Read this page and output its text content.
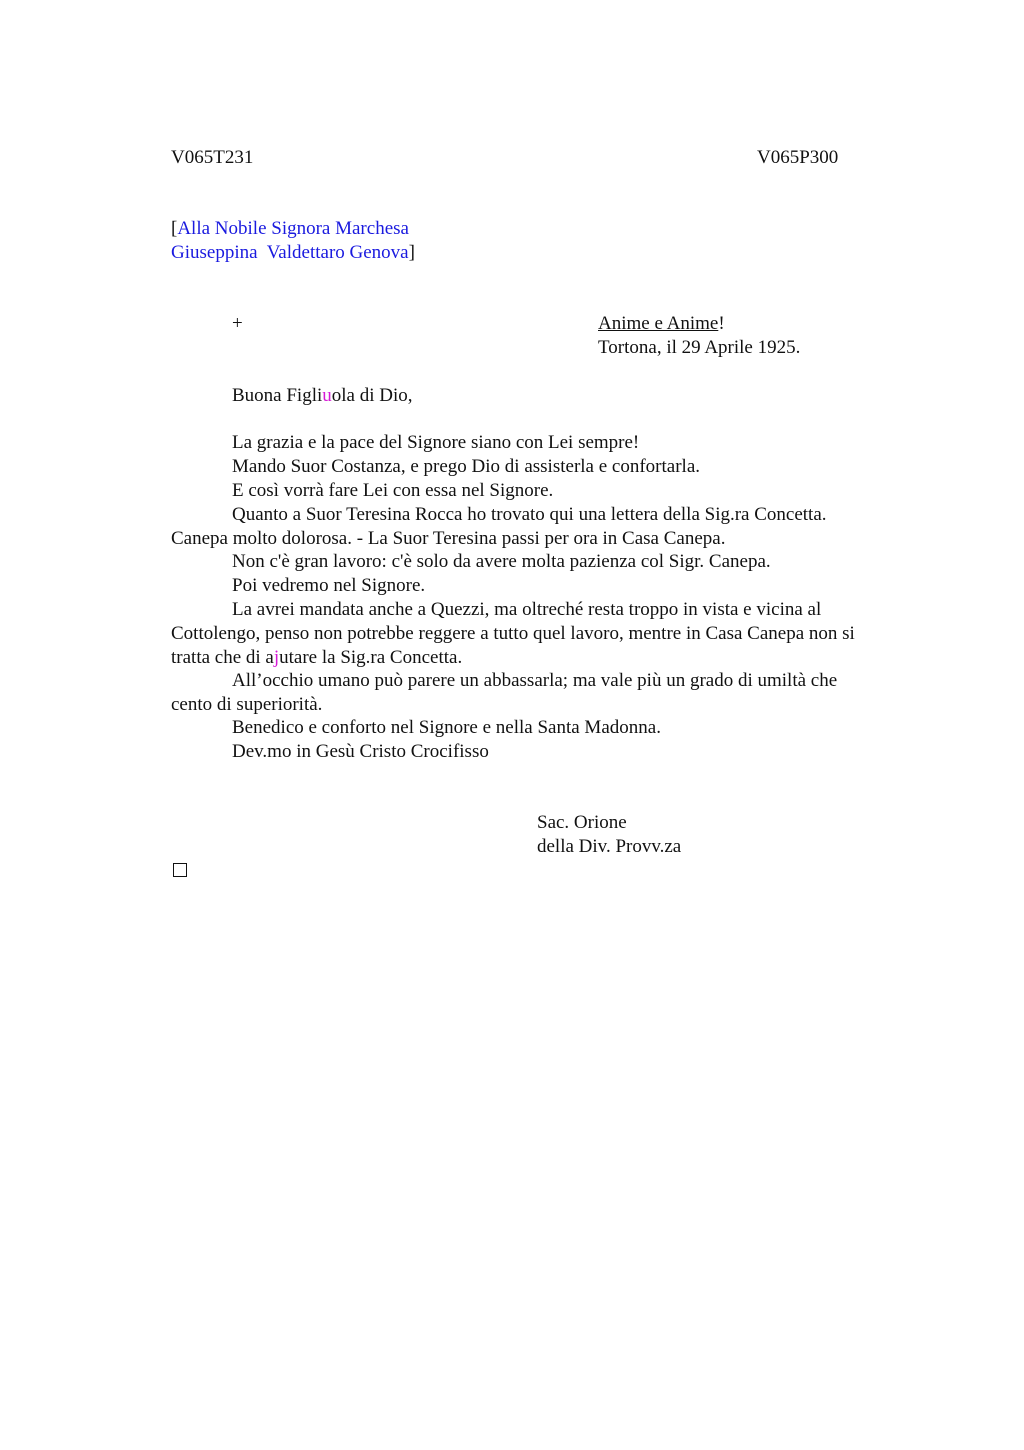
V065T231	V065P300
[Alla Nobile Signora Marchesa
Giuseppina  Valdettaro Genova]
+	Anime e Anime!
Tortona, il 29 Aprile 1925.
Buona Figliuola di Dio,
La grazia e la pace del Signore siano con Lei sempre!
Mando Suor Costanza, e prego Dio di assisterla e confortarla.
E così vorrà fare Lei con essa nel Signore.
Quanto a Suor Teresina Rocca ho trovato qui una lettera della Sig.ra Concetta.
Canepa molto dolorosa. - La Suor Teresina passi per ora in Casa Canepa.
Non c'è gran lavoro: c'è solo da avere molta pazienza col Sigr. Canepa.
Poi vedremo nel Signore.
La avrei mandata anche a Quezzi, ma oltreché resta troppo in vista e vicina al
Cottolengo, penso non potrebbe reggere a tutto quel lavoro, mentre in Casa Canepa non si
tratta che di ajutare la Sig.ra Concetta.
All’occhio umano può parere un abbassarla; ma vale più un grado di umiltà che
cento di superiorità.
Benedico e conforto nel Signore e nella Santa Madonna.
Dev.mo in Gesù Cristo Crocifisso
Sac. Orione
della Div. Provv.za
